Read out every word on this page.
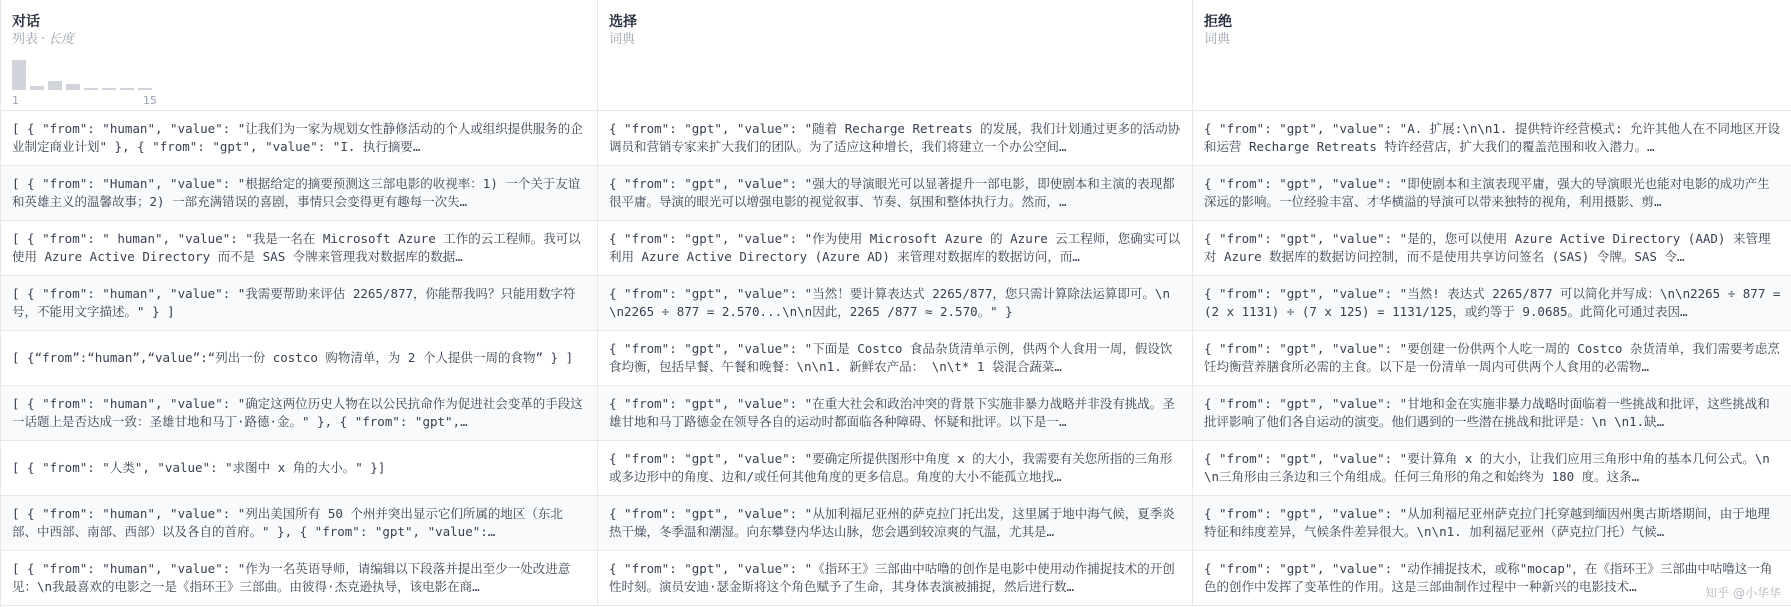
对话
列表 · 长度
1	15
选择
词典
拒绝
词典
[ { "from": "human", "value": "让我们为一家为规划女性静修活动的个人或组织提供服务的企业制定商业计划" }, { "from": "gpt", "value": "I. 执行摘要…
{ "from": "gpt", "value": "随着 Recharge Retreats 的发展，我们计划通过更多的活动协调员和营销专家来扩大我们的团队。为了适应这种增长，我们将建立一个办公空间…
{ "from": "gpt", "value": "A. 扩展:\n\n1. 提供特许经营模式: 允许其他人在不同地区开设和运营 Recharge Retreats 特许经营店，扩大我们的覆盖范围和收入潜力。…
[ { "from": "Human", "value": "根据给定的摘要预测这三部电影的收视率：1) 一个关于友谊和英雄主义的温馨故事；2) 一部充满错误的喜剧，事情只会变得更有趣每一次失…
{ "from": "gpt", "value": "强大的导演眼光可以显著提升一部电影，即使剧本和主演的表现都很平庸。导演的眼光可以增强电影的视觉叙事、节奏、氛围和整体执行力。然而，…
{ "from": "gpt", "value": "即使剧本和主演表现平庸，强大的导演眼光也能对电影的成功产生深远的影响。一位经验丰富、才华横溢的导演可以带来独特的视角，利用摄影、剪…
[ { "from": " human", "value": "我是一名在 Microsoft Azure 工作的云工程师。我可以使用 Azure Active Directory 而不是 SAS 令牌来管理我对数据库的数据…
{ "from": "gpt", "value": "作为使用 Microsoft Azure 的 Azure 云工程师，您确实可以利用 Azure Active Directory (Azure AD) 来管理对数据库的数据访问，而…
{ "from": "gpt", "value": "是的，您可以使用 Azure Active Directory (AAD) 来管理对 Azure 数据库的数据访问控制，而不是使用共享访问签名 (SAS) 令牌。SAS 令…
[ { "from": "human", "value": "我需要帮助来评估 2265/877，你能帮我吗？只能用数字符号，不能用文字描述。" } ]
{ "from": "gpt", "value": "当然！要计算表达式 2265/877，您只需计算除法运算即可。\n\n2265 ÷ 877 = 2.570...\n\n因此，2265 /877 ≈ 2.570。" }
{ "from": "gpt", "value": "当然! 表达式 2265/877 可以简化并写成：\n\n2265 ÷ 877 = (2 x 1131) ÷ (7 x 125) = 1131/125，或约等于 9.0685。此简化可通过表因…
[ {“from”:“human”,“value”:“列出一份 costco 购物清单，为 2 个人提供一周的食物” } ]
{ "from": "gpt", "value": "下面是 Costco 食品杂货清单示例，供两个人食用一周，假设饮食均衡，包括早餐、午餐和晚餐：\n\n1. 新鲜农产品： \n\t* 1 袋混合蔬菜…
{ "from": "gpt", "value": "要创建一份供两个人吃一周的 Costco 杂货清单，我们需要考虑烹饪均衡营养膳食所必需的主食。以下是一份清单一周内可供两个人食用的必需物…
[ { "from": "human", "value": "确定这两位历史人物在以公民抗命作为促进社会变革的手段这一话题上是否达成一致：圣雄甘地和马丁·路德·金。" }, { "from": "gpt",…
{ "from": "gpt", "value": "在重大社会和政治冲突的背景下实施非暴力战略并非没有挑战。圣雄甘地和马丁路德金在领导各自的运动时都面临各种障碍、怀疑和批评。以下是一…
{ "from": "gpt", "value": "甘地和金在实施非暴力战略时面临着一些挑战和批评，这些挑战和批评影响了他们各自运动的演变。他们遇到的一些潜在挑战和批评是：\n \n1.缺…
[ { "from": "人类", "value": "求图中 x 角的大小。" }]
{ "from": "gpt", "value": "要确定所提供图形中角度 x 的大小，我需要有关您所指的三角形或多边形中的角度、边和/或任何其他角度的更多信息。角度的大小不能孤立地找…
{ "from": "gpt", "value": "要计算角 x 的大小，让我们应用三角形中角的基本几何公式。\n\n三角形由三条边和三个角组成。任何三角形的角之和始终为 180 度。这条…
[ { "from": "human", "value": "列出美国所有 50 个州并突出显示它们所属的地区（东北部、中西部、南部、西部）以及各自的首府。" }, { "from": "gpt", "value":…
{ "from": "gpt", "value": "从加利福尼亚州的萨克拉门托出发，这里属于地中海气候，夏季炎热干燥，冬季温和潮湿。向东攀登内华达山脉，您会遇到较凉爽的气温，尤其是…
{ "from": "gpt", "value": "从加利福尼亚州萨克拉门托穿越到缅因州奥古斯塔期间，由于地理特征和纬度差异，气候条件差异很大。\n\n1. 加利福尼亚州（萨克拉门托）气候…
[ { "from": "human", "value": "作为一名英语导师，请编辑以下段落并提出至少一处改进意见：\n我最喜欢的电影之一是《指环王》三部曲。由彼得·杰克逊执导，该电影在商…
{ "from": "gpt", "value": "《指环王》三部曲中咕噜的创作是电影中使用动作捕捉技术的开创性时刻。演员安迪·瑟金斯将这个角色赋予了生命，其身体表演被捕捉，然后进行数…
{ "from": "gpt", "value": "动作捕捉技术，或称"mocap"，在《指环王》三部曲中咕噜这一角色的创作中发挥了变革性的作用。这是三部曲制作过程中一种新兴的电影技术…	知乎 @小华华
